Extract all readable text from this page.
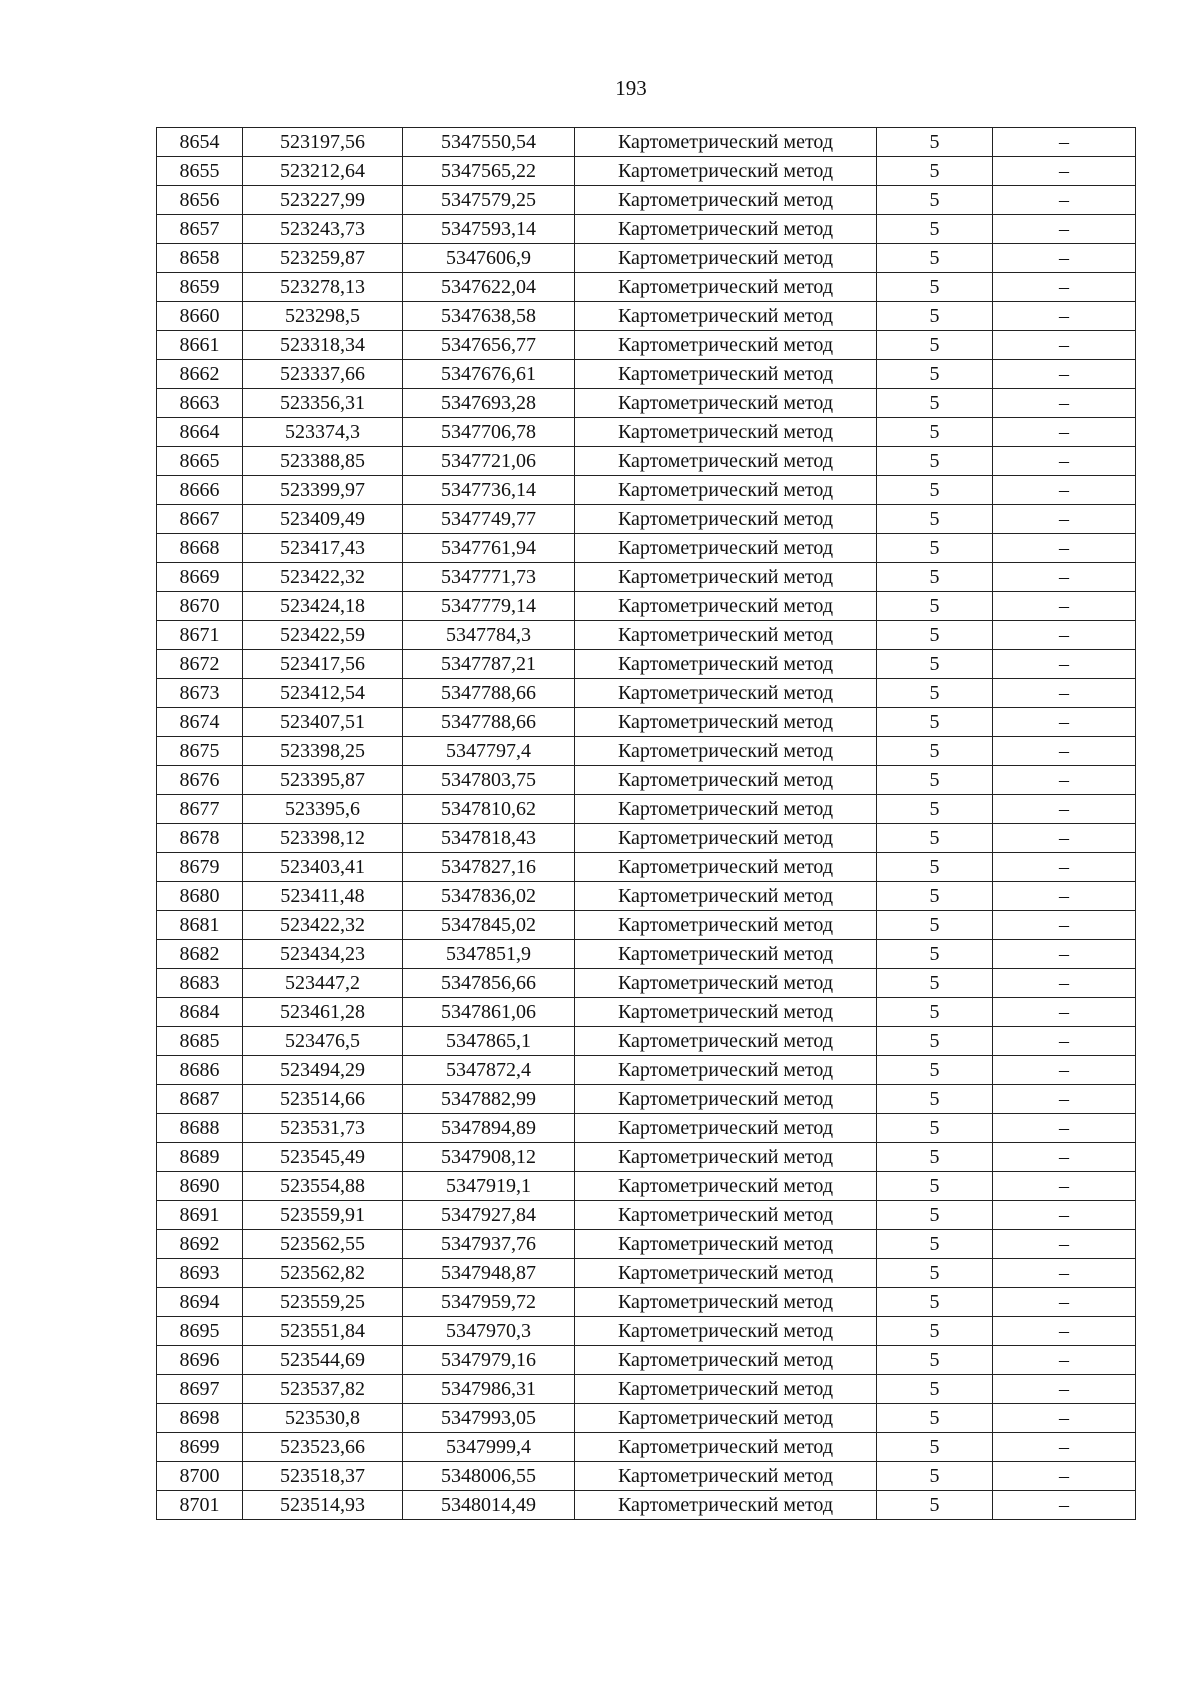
193
8654	523197,56	5347550,54	Картометрический метод	5	–
8655	523212,64	5347565,22	Картометрический метод	5	–
8656	523227,99	5347579,25	Картометрический метод	5	–
8657	523243,73	5347593,14	Картометрический метод	5	–
8658	523259,87	5347606,9	Картометрический метод	5	–
8659	523278,13	5347622,04	Картометрический метод	5	–
8660	523298,5	5347638,58	Картометрический метод	5	–
8661	523318,34	5347656,77	Картометрический метод	5	–
8662	523337,66	5347676,61	Картометрический метод	5	–
8663	523356,31	5347693,28	Картометрический метод	5	–
8664	523374,3	5347706,78	Картометрический метод	5	–
8665	523388,85	5347721,06	Картометрический метод	5	–
8666	523399,97	5347736,14	Картометрический метод	5	–
8667	523409,49	5347749,77	Картометрический метод	5	–
8668	523417,43	5347761,94	Картометрический метод	5	–
8669	523422,32	5347771,73	Картометрический метод	5	–
8670	523424,18	5347779,14	Картометрический метод	5	–
8671	523422,59	5347784,3	Картометрический метод	5	–
8672	523417,56	5347787,21	Картометрический метод	5	–
8673	523412,54	5347788,66	Картометрический метод	5	–
8674	523407,51	5347788,66	Картометрический метод	5	–
8675	523398,25	5347797,4	Картометрический метод	5	–
8676	523395,87	5347803,75	Картометрический метод	5	–
8677	523395,6	5347810,62	Картометрический метод	5	–
8678	523398,12	5347818,43	Картометрический метод	5	–
8679	523403,41	5347827,16	Картометрический метод	5	–
8680	523411,48	5347836,02	Картометрический метод	5	–
8681	523422,32	5347845,02	Картометрический метод	5	–
8682	523434,23	5347851,9	Картометрический метод	5	–
8683	523447,2	5347856,66	Картометрический метод	5	–
8684	523461,28	5347861,06	Картометрический метод	5	–
8685	523476,5	5347865,1	Картометрический метод	5	–
8686	523494,29	5347872,4	Картометрический метод	5	–
8687	523514,66	5347882,99	Картометрический метод	5	–
8688	523531,73	5347894,89	Картометрический метод	5	–
8689	523545,49	5347908,12	Картометрический метод	5	–
8690	523554,88	5347919,1	Картометрический метод	5	–
8691	523559,91	5347927,84	Картометрический метод	5	–
8692	523562,55	5347937,76	Картометрический метод	5	–
8693	523562,82	5347948,87	Картометрический метод	5	–
8694	523559,25	5347959,72	Картометрический метод	5	–
8695	523551,84	5347970,3	Картометрический метод	5	–
8696	523544,69	5347979,16	Картометрический метод	5	–
8697	523537,82	5347986,31	Картометрический метод	5	–
8698	523530,8	5347993,05	Картометрический метод	5	–
8699	523523,66	5347999,4	Картометрический метод	5	–
8700	523518,37	5348006,55	Картометрический метод	5	–
8701	523514,93	5348014,49	Картометрический метод	5	–
